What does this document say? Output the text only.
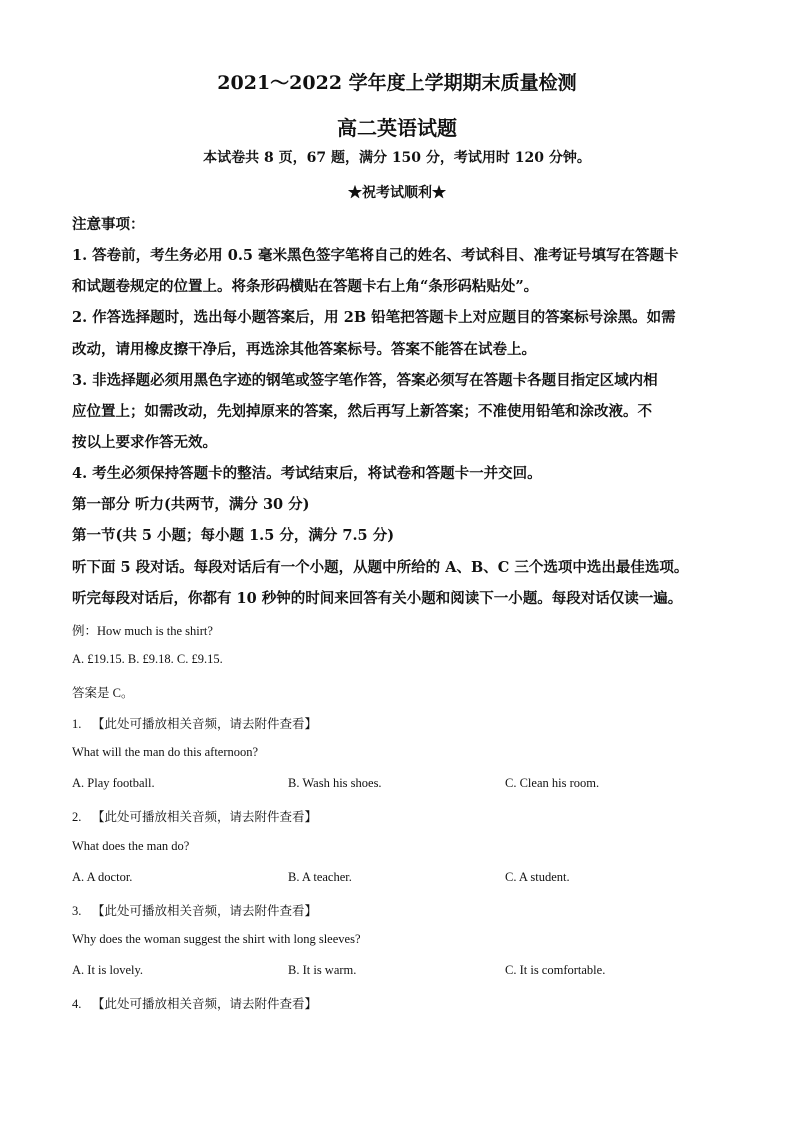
2021～2022 学年度上学期期末质量检测
高二英语试题
本试卷共 8 页，67 题，满分 150 分，考试用时 120 分钟。
★祝考试顺利★
注意事项：
1. 答卷前，考生务必用 0.5 毫米黑色签字笔将自己的姓名、考试科目、准考证号填写在答题卡
和试题卷规定的位置上。将条形码横贴在答题卡右上角“条形码粘贴处”。
2. 作答选择题时，选出每小题答案后，用 2B 铅笔把答题卡上对应题目的答案标号涂黑。如需
改动，请用橡皮擦干净后，再选涂其他答案标号。答案不能答在试卷上。
3. 非选择题必须用黑色字迹的钢笔或签字笔作答，答案必须写在答题卡各题目指定区域内相
应位置上；如需改动，先划掉原来的答案，然后再写上新答案；不准使用铅笔和涂改液。不
按以上要求作答无效。
4. 考生必须保持答题卡的整洁。考试结束后，将试卷和答题卡一并交回。
第一部分 听力(共两节，满分 30 分)
第一节(共 5 小题；每小题 1.5 分，满分 7.5 分)
听下面 5 段对话。每段对话后有一个小题，从题中所给的 A、B、C 三个选项中选出最佳选项。
听完每段对话后，你都有 10 秒钟的时间来回答有关小题和阅读下一小题。每段对话仅读一遍。
例：How much is the shirt?
A. £19.15. B. £9.18. C. £9.15.
答案是 C。
1. 【此处可播放相关音频，请去附件查看】
What will the man do this afternoon?
A. Play football.	B. Wash his shoes.	C. Clean his room.
2. 【此处可播放相关音频，请去附件查看】
What does the man do?
A. A doctor.	B. A teacher.	C. A student.
3. 【此处可播放相关音频，请去附件查看】
Why does the woman suggest the shirt with long sleeves?
A. It is lovely.	B. It is warm.	C. It is comfortable.
4. 【此处可播放相关音频，请去附件查看】
